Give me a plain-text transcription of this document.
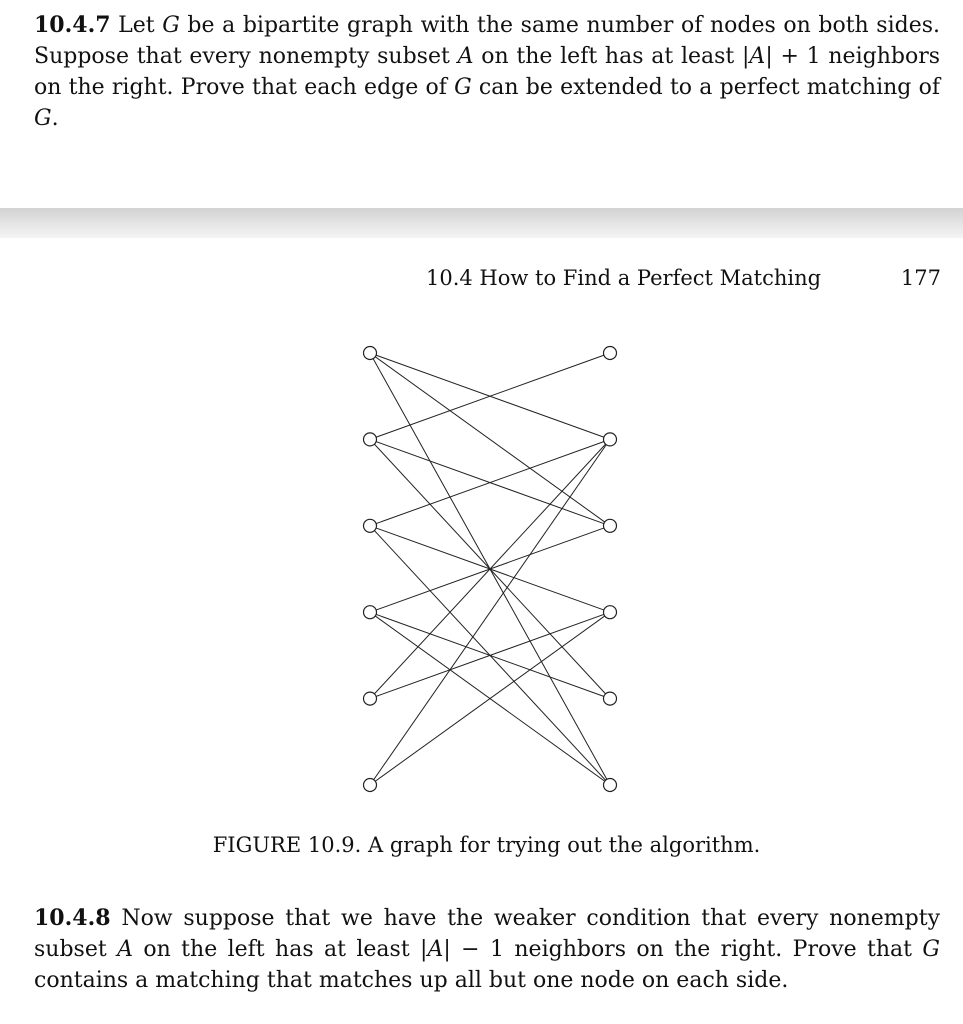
10.4.7 Let G be a bipartite graph with the same number of nodes on both sides. Suppose that every nonempty subset A on the left has at least |A| + 1 neighbors on the right. Prove that each edge of G can be extended to a perfect matching of G.

10.4 How to Find a Perfect Matching	177
FIGURE 10.9. A graph for trying out the algorithm.

10.4.8 Now suppose that we have the weaker condition that every nonempty subset A on the left has at least |A| − 1 neighbors on the right. Prove that G contains a matching that matches up all but one node on each side.
